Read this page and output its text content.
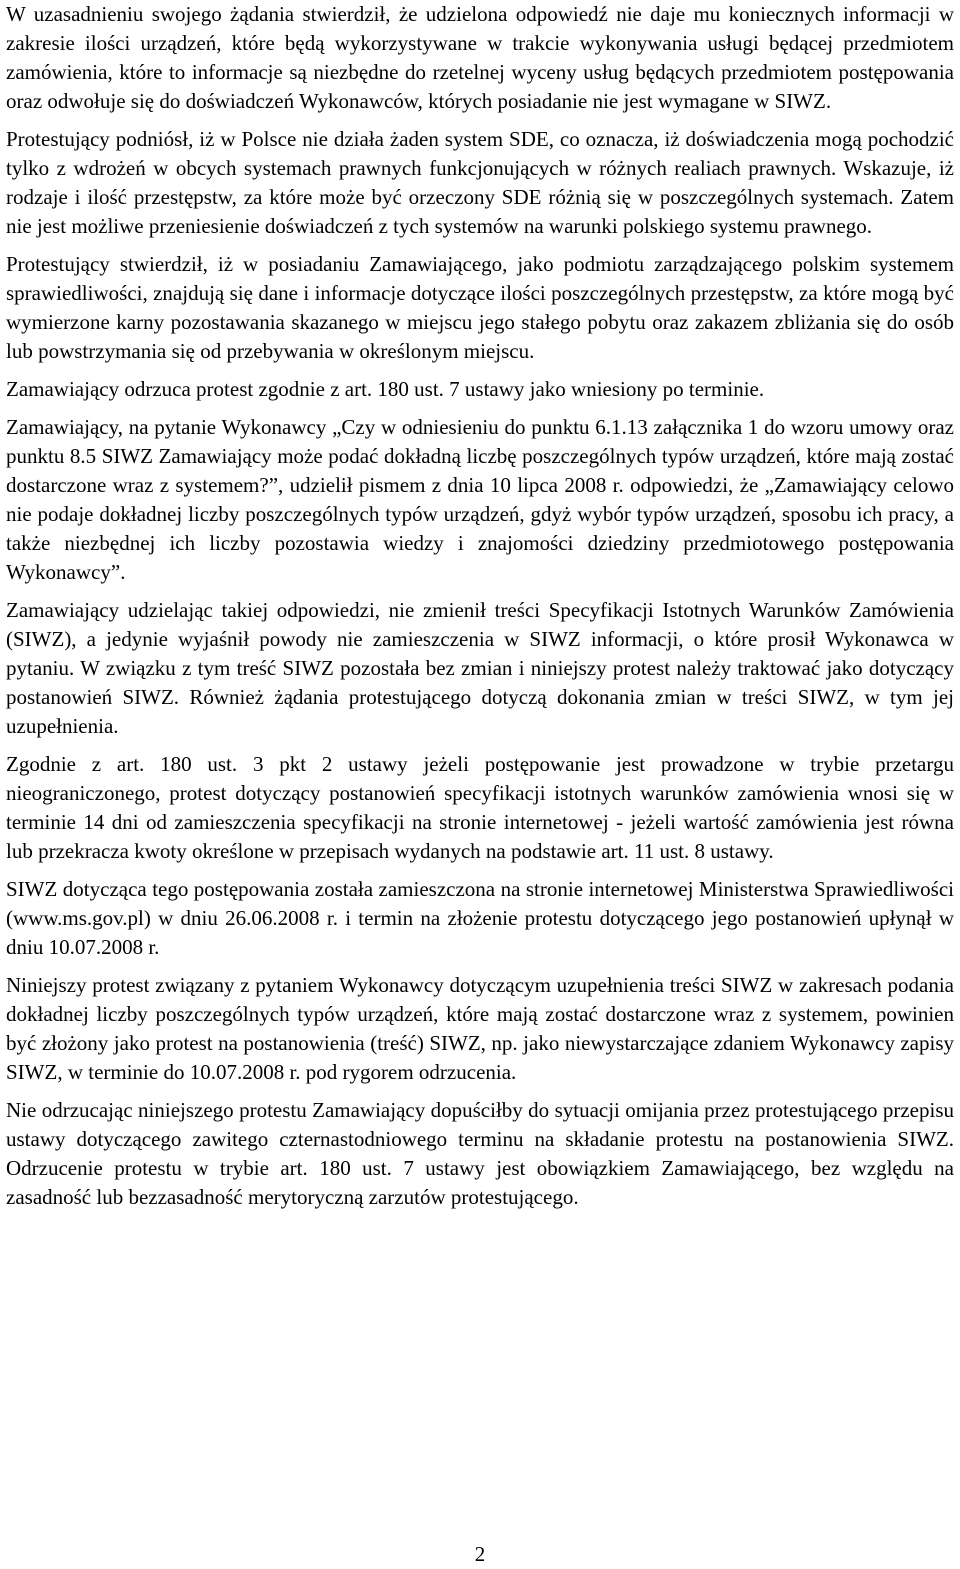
W uzasadnieniu swojego żądania stwierdził, że udzielona odpowiedź nie daje mu koniecznych informacji w zakresie ilości urządzeń, które będą wykorzystywane w trakcie wykonywania usługi będącej przedmiotem zamówienia, które to informacje są niezbędne do rzetelnej wyceny usług będących przedmiotem postępowania oraz odwołuje się do doświadczeń Wykonawców, których posiadanie nie jest wymagane w SIWZ.

Protestujący podniósł, iż w Polsce nie działa żaden system SDE, co oznacza, iż doświadczenia mogą pochodzić tylko z wdrożeń w obcych systemach prawnych funkcjonujących w różnych realiach prawnych. Wskazuje, iż rodzaje i ilość przestępstw, za które może być orzeczony SDE różnią się w poszczególnych systemach. Zatem nie jest możliwe przeniesienie doświadczeń z tych systemów na warunki polskiego systemu prawnego.

Protestujący stwierdził, iż w posiadaniu Zamawiającego, jako podmiotu zarządzającego polskim systemem sprawiedliwości, znajdują się dane i informacje dotyczące ilości poszczególnych przestępstw, za które mogą być wymierzone karny pozostawania skazanego w miejscu jego stałego pobytu oraz zakazem zbliżania się do osób lub powstrzymania się od przebywania w określonym miejscu.

Zamawiający odrzuca protest zgodnie z art. 180 ust. 7 ustawy jako wniesiony po terminie.

Zamawiający, na pytanie Wykonawcy „Czy w odniesieniu do punktu 6.1.13 załącznika 1 do wzoru umowy oraz punktu 8.5 SIWZ Zamawiający może podać dokładną liczbę poszczególnych typów urządzeń, które mają zostać dostarczone wraz z systemem?”, udzielił pismem z dnia 10 lipca 2008 r. odpowiedzi, że „Zamawiający celowo nie podaje dokładnej liczby poszczególnych typów urządzeń, gdyż wybór typów urządzeń, sposobu ich pracy, a także niezbędnej ich liczby pozostawia wiedzy i znajomości dziedziny przedmiotowego postępowania Wykonawcy”.

Zamawiający udzielając takiej odpowiedzi, nie zmienił treści Specyfikacji Istotnych Warunków Zamówienia (SIWZ), a jedynie wyjaśnił powody nie zamieszczenia w SIWZ informacji, o które prosił Wykonawca w pytaniu. W związku z tym treść SIWZ pozostała bez zmian i niniejszy protest należy traktować jako dotyczący postanowień SIWZ. Również żądania protestującego dotyczą dokonania zmian w treści SIWZ, w tym jej uzupełnienia.

Zgodnie z art. 180 ust. 3 pkt 2 ustawy jeżeli postępowanie jest prowadzone w trybie przetargu nieograniczonego, protest dotyczący postanowień specyfikacji istotnych warunków zamówienia wnosi się w terminie 14 dni od zamieszczenia specyfikacji na stronie internetowej - jeżeli wartość zamówienia jest równa lub przekracza kwoty określone w przepisach wydanych na podstawie art. 11 ust. 8 ustawy.

SIWZ dotycząca tego postępowania została zamieszczona na stronie internetowej Ministerstwa Sprawiedliwości (www.ms.gov.pl) w dniu 26.06.2008 r. i termin na złożenie protestu dotyczącego jego postanowień upłynął w dniu 10.07.2008 r.

Niniejszy protest związany z pytaniem Wykonawcy dotyczącym uzupełnienia treści SIWZ w zakresach podania dokładnej liczby poszczególnych typów urządzeń, które mają zostać dostarczone wraz z systemem, powinien być złożony jako protest na postanowienia (treść) SIWZ, np. jako niewystarczające zdaniem Wykonawcy zapisy SIWZ, w terminie do 10.07.2008 r. pod rygorem odrzucenia.

Nie odrzucając niniejszego protestu Zamawiający dopuściłby do sytuacji omijania przez protestującego przepisu ustawy dotyczącego zawitego czternastodniowego terminu na składanie protestu na postanowienia SIWZ. Odrzucenie protestu w trybie art. 180 ust. 7 ustawy jest obowiązkiem Zamawiającego, bez względu na zasadność lub bezzasadność merytoryczną zarzutów protestującego.

2
